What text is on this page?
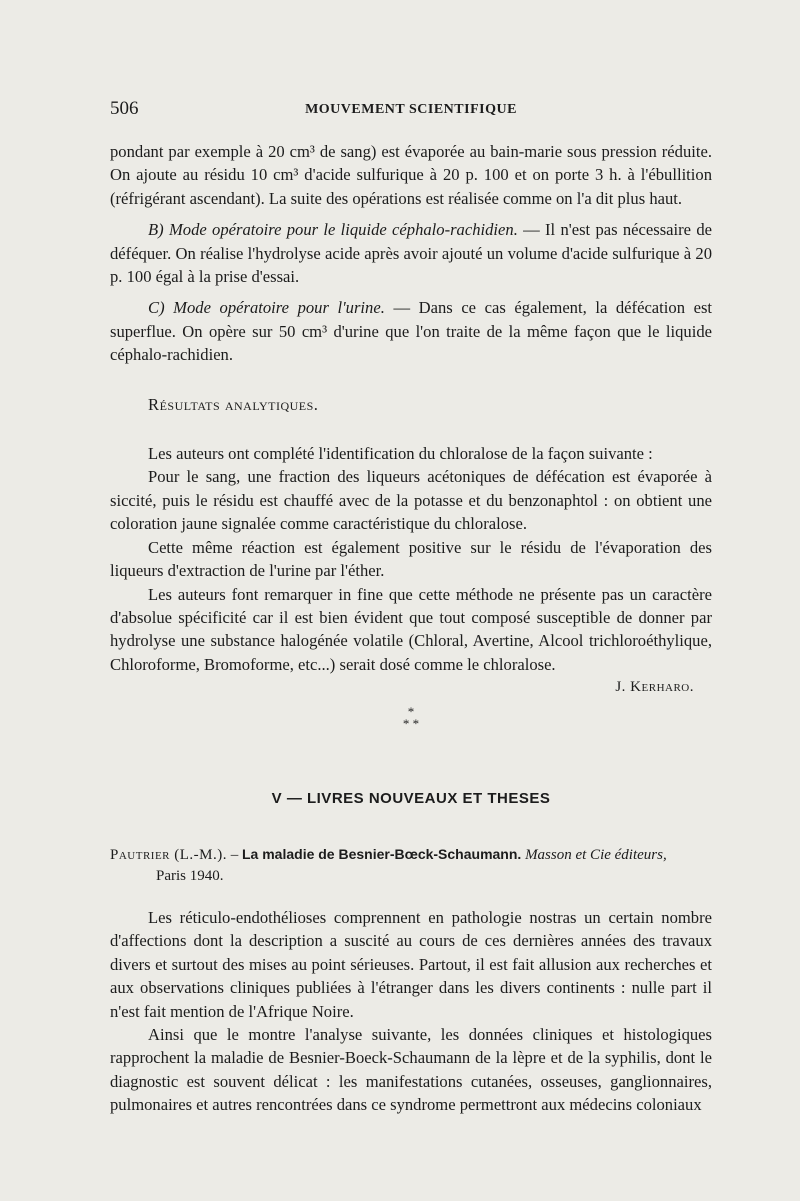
506	MOUVEMENT SCIENTIFIQUE

pondant par exemple à 20 cm³ de sang) est évaporée au bain-marie sous pression réduite. On ajoute au résidu 10 cm³ d'acide sulfurique à 20 p. 100 et on porte 3 h. à l'ébullition (réfrigérant ascendant). La suite des opérations est réalisée comme on l'a dit plus haut.

B) Mode opératoire pour le liquide céphalo-rachidien. — Il n'est pas nécessaire de déféquer. On réalise l'hydrolyse acide après avoir ajouté un volume d'acide sulfurique à 20 p. 100 égal à la prise d'essai.

C) Mode opératoire pour l'urine. — Dans ce cas également, la défécation est superflue. On opère sur 50 cm³ d'urine que l'on traite de la même façon que le liquide céphalo-rachidien.

Résultats analytiques.

Les auteurs ont complété l'identification du chloralose de la façon suivante :

Pour le sang, une fraction des liqueurs acétoniques de défécation est évaporée à siccité, puis le résidu est chauffé avec de la potasse et du benzonaphtol : on obtient une coloration jaune signalée comme caractéristique du chloralose.

Cette même réaction est également positive sur le résidu de l'évaporation des liqueurs d'extraction de l'urine par l'éther.

Les auteurs font remarquer in fine que cette méthode ne présente pas un caractère d'absolue spécificité car il est bien évident que tout composé susceptible de donner par hydrolyse une substance halogénée volatile (Chloral, Avertine, Alcool trichloroéthylique, Chloroforme, Bromoforme, etc...) serait dosé comme le chloralose.

J. Kerharo.

*
* *
V — LIVRES NOUVEAUX ET THESES
Pautrier (L.-M.). – La maladie de Besnier-Bœck-Schaumann. Masson et Cie éditeurs,
Paris 1940.

Les réticulo-endothélioses comprennent en pathologie nostras un certain nombre d'affections dont la description a suscité au cours de ces dernières années des travaux divers et surtout des mises au point sérieuses. Partout, il est fait allusion aux recherches et aux observations cliniques publiées à l'étranger dans les divers continents : nulle part il n'est fait mention de l'Afrique Noire.

Ainsi que le montre l'analyse suivante, les données cliniques et histologiques rapprochent la maladie de Besnier-Boeck-Schaumann de la lèpre et de la syphilis, dont le diagnostic est souvent délicat : les manifestations cutanées, osseuses, ganglionnaires, pulmonaires et autres rencontrées dans ce syndrome permettront aux médecins coloniaux
